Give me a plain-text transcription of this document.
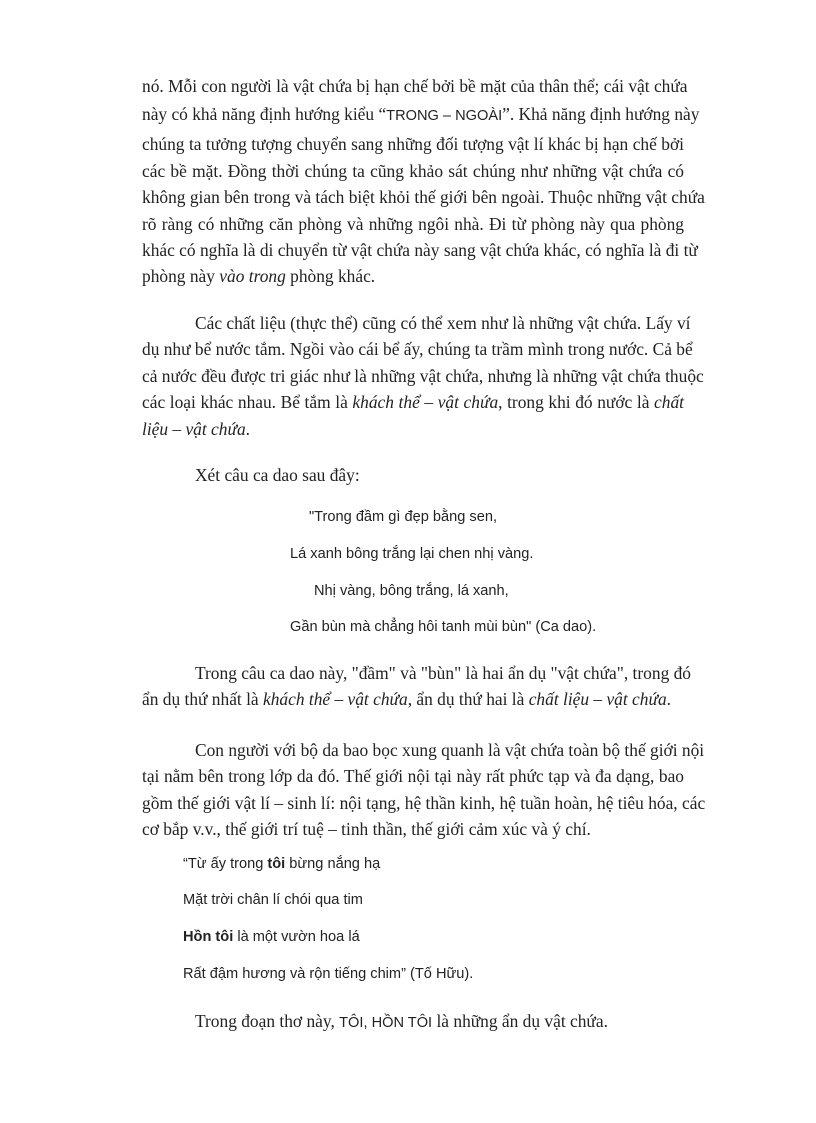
nó. Mỗi con người là vật chứa bị hạn chế bởi bề mặt của thân thể; cái vật chứa
này có khả năng định hướng kiểu “TRONG – NGOÀI”. Khả năng định hướng này
chúng ta tưởng tượng chuyển sang những đối tượng vật lí khác bị hạn chế bởi
các bề mặt. Đồng thời chúng ta cũng khảo sát chúng như những vật chứa có
không gian bên trong và tách biệt khỏi thế giới bên ngoài. Thuộc những vật chứa
rõ ràng có những căn phòng và những ngôi nhà. Đi từ phòng này qua phòng
khác có nghĩa là di chuyển từ vật chứa này sang vật chứa khác, có nghĩa là đi từ
phòng này vào trong phòng khác.
Các chất liệu (thực thể) cũng có thể xem như là những vật chứa. Lấy ví
dụ như bể nước tắm. Ngồi vào cái bể ấy, chúng ta trầm mình trong nước. Cả bể
cả nước đều được tri giác như là những vật chứa, nhưng là những vật chứa thuộc
các loại khác nhau. Bể tắm là khách thể – vật chứa, trong khi đó nước là chất
liệu – vật chứa.

Xét câu ca dao sau đây:

"Trong đầm gì đẹp bằng sen,

Lá xanh bông trắng lại chen nhị vàng.

Nhị vàng, bông trắng, lá xanh,

Gần bùn mà chẳng hôi tanh mùi bùn" (Ca dao).

Trong câu ca dao này, "đầm" và "bùn" là hai ẩn dụ "vật chứa", trong đó
ẩn dụ thứ nhất là khách thể – vật chứa, ẩn dụ thứ hai là chất liệu – vật chứa.
Con người với bộ da bao bọc xung quanh là vật chứa toàn bộ thế giới nội
tại nằm bên trong lớp da đó. Thế giới nội tại này rất phức tạp và đa dạng, bao
gồm thế giới vật lí – sinh lí: nội tạng, hệ thần kinh, hệ tuần hoàn, hệ tiêu hóa, các
cơ bắp v.v., thế giới trí tuệ – tinh thần, thế giới cảm xúc và ý chí.

“Từ ấy trong tôi bừng nắng hạ

Mặt trời chân lí chói qua tim

Hồn tôi là một vườn hoa lá

Rất đậm hương và rộn tiếng chim” (Tố Hữu).

Trong đoạn thơ này, TÔI, HỒN TÔI là những ẩn dụ vật chứa.
